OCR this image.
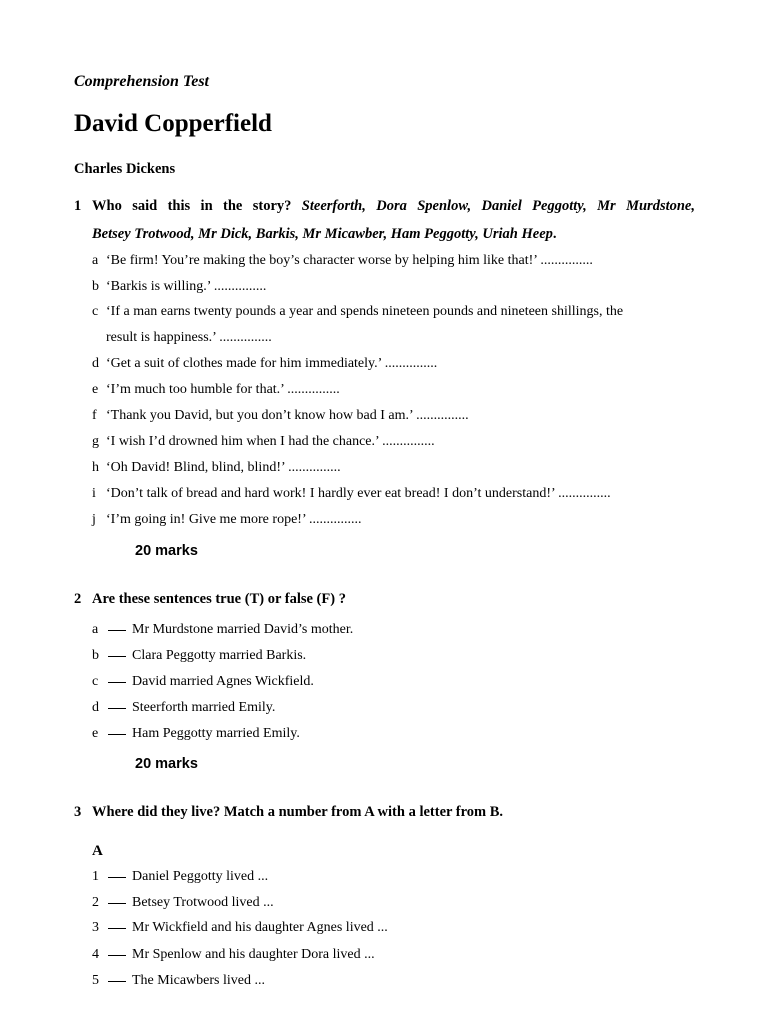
Comprehension Test
David Copperfield
Charles Dickens
1 Who said this in the story? Steerforth, Dora Spenlow, Daniel Peggotty, Mr Murdstone,
Betsey Trotwood, Mr Dick, Barkis, Mr Micawber, Ham Peggotty, Uriah Heep.
a ‘Be firm! You’re making the boy’s character worse by helping him like that!’ ...............
b ‘Barkis is willing.’ ...............
c ‘If a man earns twenty pounds a year and spends nineteen pounds and nineteen shillings, the
result is happiness.’ ...............
d ‘Get a suit of clothes made for him immediately.’ ...............
e ‘I’m much too humble for that.’ ...............
f ‘Thank you David, but you don’t know how bad I am.’ ...............
g ‘I wish I’d drowned him when I had the chance.’ ...............
h ‘Oh David! Blind, blind, blind!’ ...............
i ‘Don’t talk of bread and hard work! I hardly ever eat bread! I don’t understand!’ ...............
j ‘I’m going in! Give me more rope!’ ...............
20 marks
2 Are these sentences true (T) or false (F) ?
a Mr Murdstone married David’s mother.
b Clara Peggotty married Barkis.
c David married Agnes Wickfield.
d Steerforth married Emily.
e Ham Peggotty married Emily.
20 marks
3 Where did they live? Match a number from A with a letter from B.
A
1 Daniel Peggotty lived ...
2 Betsey Trotwood lived ...
3 Mr Wickfield and his daughter Agnes lived ...
4 Mr Spenlow and his daughter Dora lived ...
5 The Micawbers lived ...
